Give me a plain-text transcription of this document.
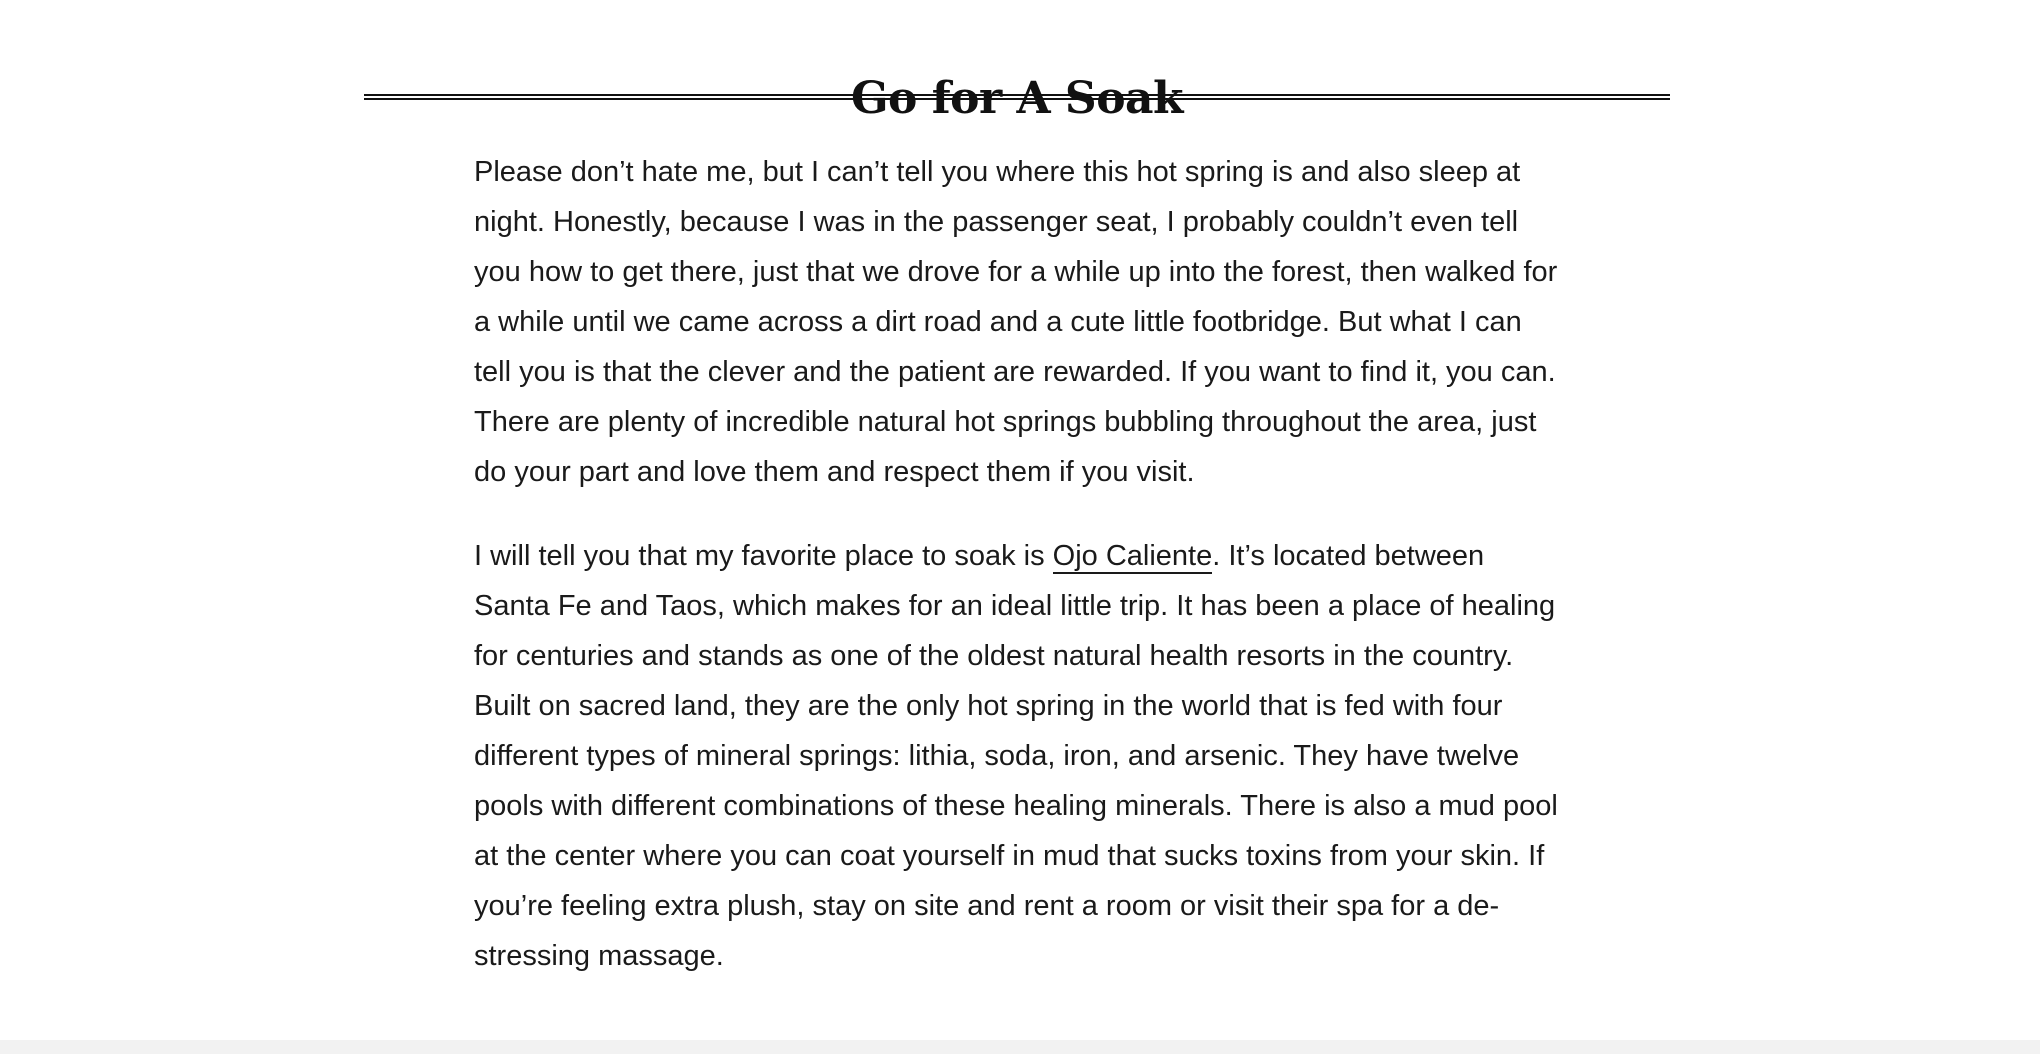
Go for A Soak

Please don’t hate me, but I can’t tell you where this hot spring is and also sleep at night. Honestly, because I was in the passenger seat, I probably couldn’t even tell you how to get there, just that we drove for a while up into the forest, then walked for a while until we came across a dirt road and a cute little footbridge. But what I can tell you is that the clever and the patient are rewarded. If you want to find it, you can. There are plenty of incredible natural hot springs bubbling throughout the area, just do your part and love them and respect them if you visit.

I will tell you that my favorite place to soak is Ojo Caliente. It’s located between Santa Fe and Taos, which makes for an ideal little trip. It has been a place of healing for centuries and stands as one of the oldest natural health resorts in the country. Built on sacred land, they are the only hot spring in the world that is fed with four different types of mineral springs: lithia, soda, iron, and arsenic. They have twelve pools with different combinations of these healing minerals. There is also a mud pool at the center where you can coat yourself in mud that sucks toxins from your skin. If you’re feeling extra plush, stay on site and rent a room or visit their spa for a de-stressing massage.
